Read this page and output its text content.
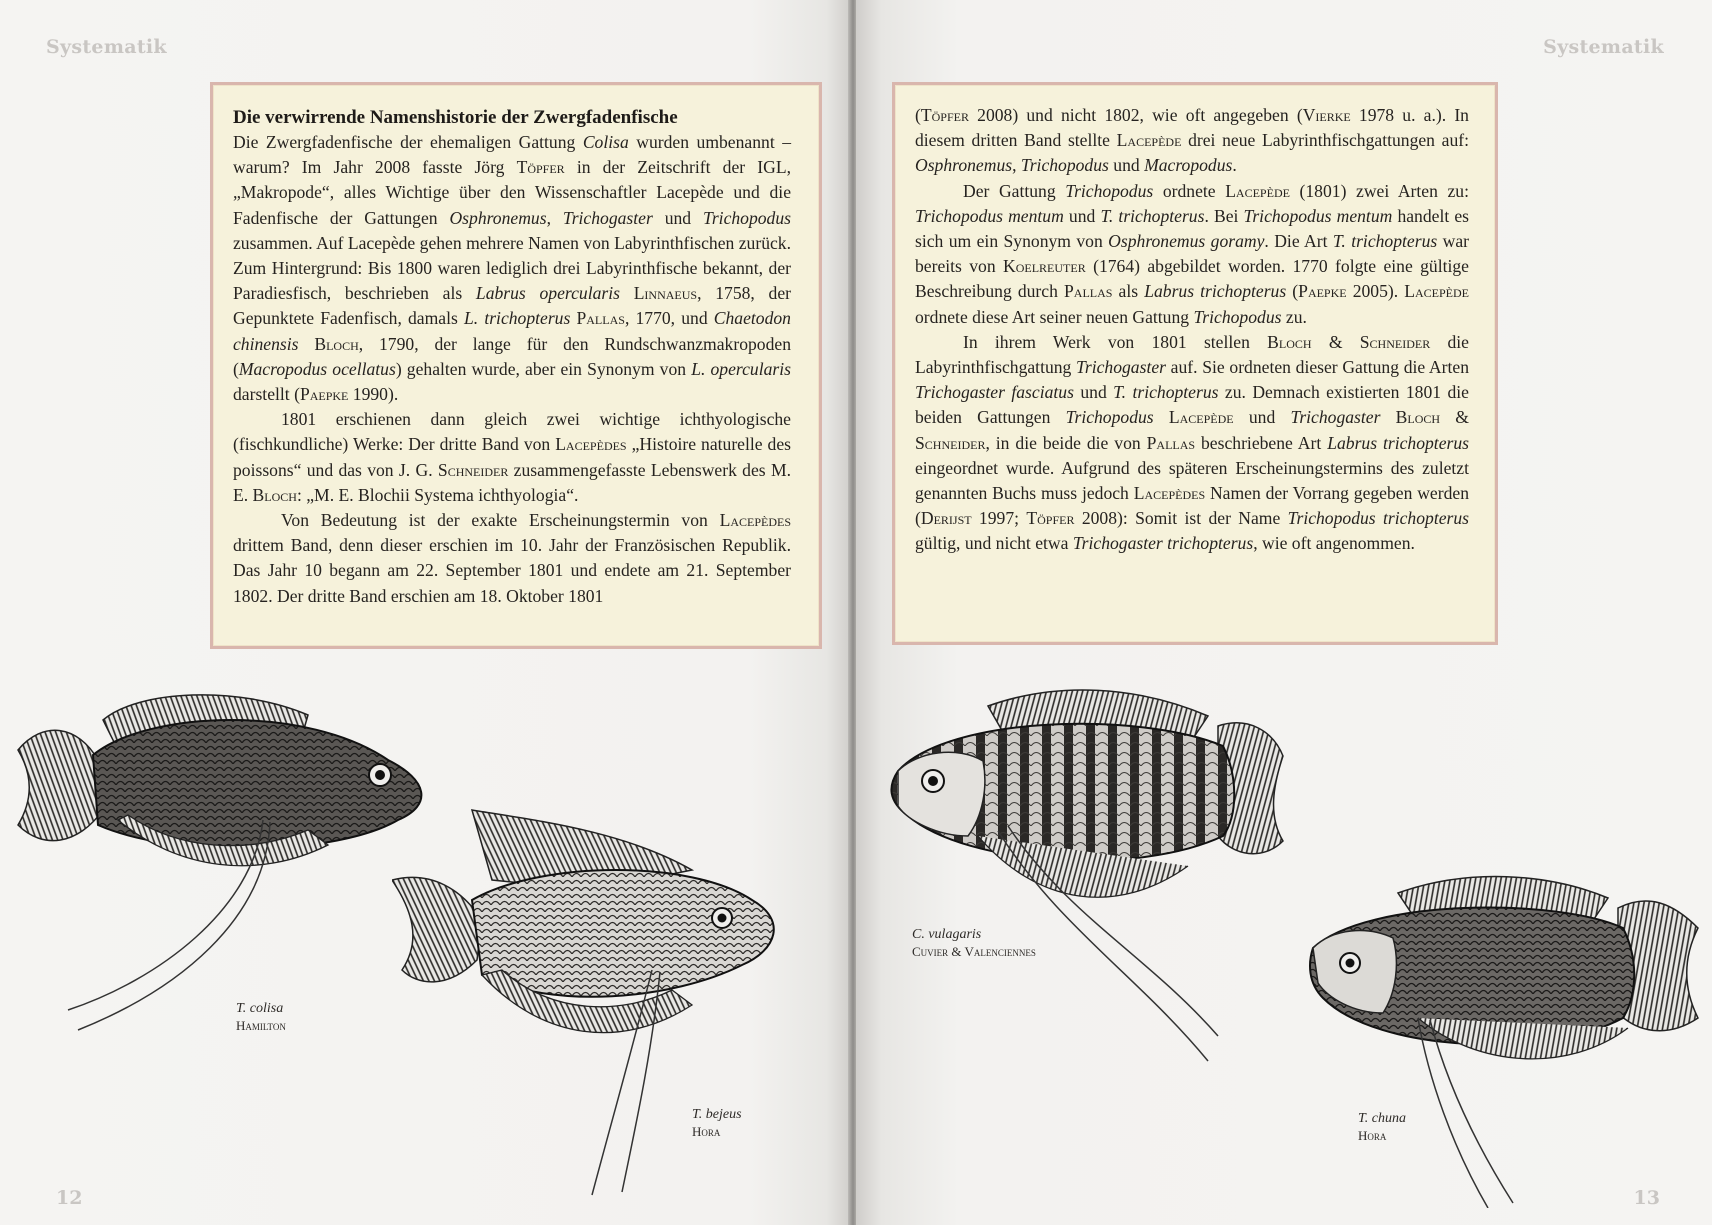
Systematik
Die verwirrende Namenshistorie der Zwergfadenfische

Die Zwergfadenfische der ehemaligen Gattung Colisa wurden umbenannt – warum? Im Jahr 2008 fasste Jörg Töpfer in der Zeitschrift der IGL, „Makropode“, alles Wichtige über den Wissenschaftler Lacepède und die Fadenfische der Gattungen Osphronemus, Trichogaster und Trichopodus zusammen. Auf Lacepède gehen mehrere Namen von Labyrinthfischen zurück. Zum Hintergrund: Bis 1800 waren lediglich drei Labyrinthfische bekannt, der Paradiesfisch, beschrieben als Labrus opercularis Linnaeus, 1758, der Gepunktete Fadenfisch, damals L. trichopterus Pallas, 1770, und Chaetodon chinensis Bloch, 1790, der lange für den Rundschwanzmakropoden (Macropodus ocellatus) gehalten wurde, aber ein Synonym von L. opercularis darstellt (Paepke 1990).

1801 erschienen dann gleich zwei wichtige ichthyologische (fischkundliche) Werke: Der dritte Band von Lacepèdes „Histoire naturelle des poissons“ und das von J. G. Schneider zusammengefasste Lebenswerk des M. E. Bloch: „M. E. Blochii Systema ichthyologia“.

Von Bedeutung ist der exakte Erscheinungstermin von Lacepèdes drittem Band, denn dieser erschien im 10. Jahr der Französischen Republik. Das Jahr 10 begann am 22. September 1801 und endete am 21. September 1802. Der dritte Band erschien am 18. Oktober 1801

T. colisa
Hamilton
T. bejeus
Hora
12
Systematik

(Töpfer 2008) und nicht 1802, wie oft angegeben (Vierke 1978 u. a.). In diesem dritten Band stellte Lacepède drei neue Labyrinthfischgattungen auf: Osphronemus, Trichopodus und Macropodus.

Der Gattung Trichopodus ordnete Lacepède (1801) zwei Arten zu: Trichopodus mentum und T. trichopterus. Bei Trichopodus mentum handelt es sich um ein Synonym von Osphronemus goramy. Die Art T. trichopterus war bereits von Koelreuter (1764) abgebildet worden. 1770 folgte eine gültige Beschreibung durch Pallas als Labrus trichopterus (Paepke 2005). Lacepède ordnete diese Art seiner neuen Gattung Trichopodus zu.

In ihrem Werk von 1801 stellen Bloch & Schneider die Labyrinthfischgattung Trichogaster auf. Sie ordneten dieser Gattung die Arten Trichogaster fasciatus und T. trichopterus zu. Demnach existierten 1801 die beiden Gattungen Trichopodus Lacepède und Trichogaster Bloch & Schneider, in die beide die von Pallas beschriebene Art Labrus trichopterus eingeordnet wurde. Aufgrund des späteren Erscheinungstermins des zuletzt genannten Buchs muss jedoch Lacepèdes Namen der Vorrang gegeben werden (Derijst 1997; Töpfer 2008): Somit ist der Name Trichopodus trichopterus gültig, und nicht etwa Trichogaster trichopterus, wie oft angenommen.

C. vulagaris
Cuvier & Valenciennes
T. chuna
Hora
13
